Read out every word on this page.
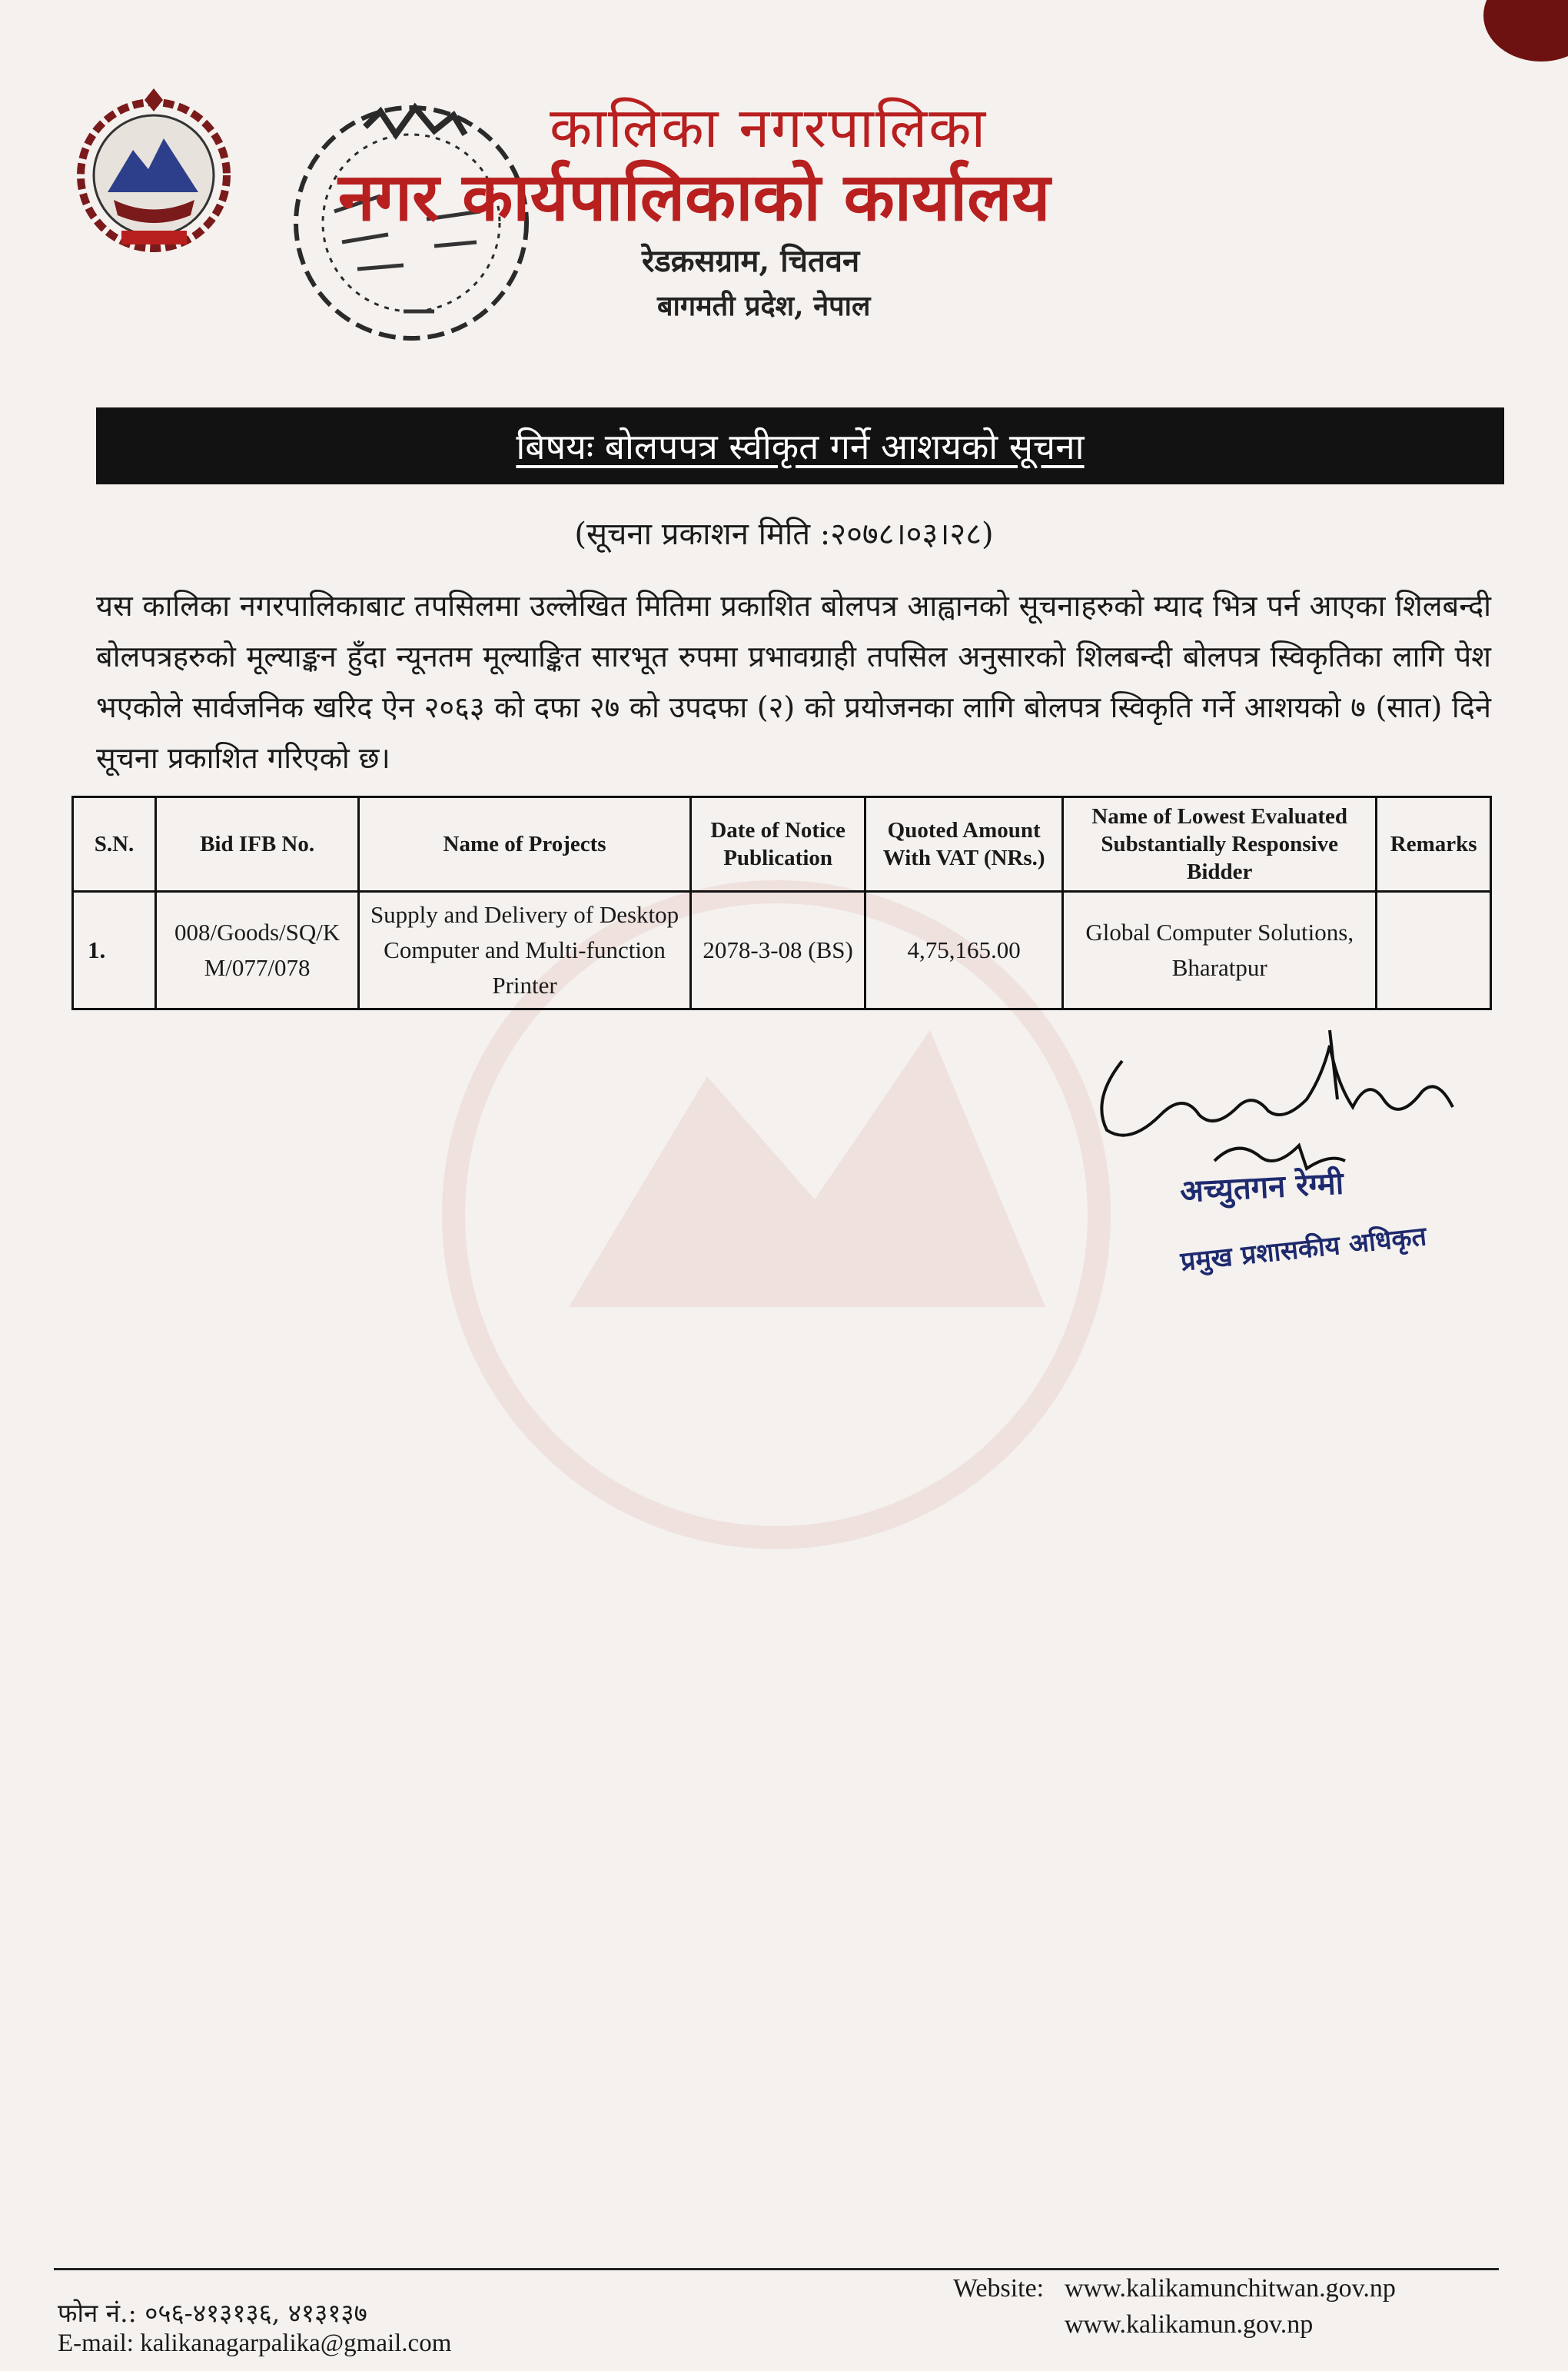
कालिका नगरपालिका
नगर कार्यपालिकाको कार्यालय
रेडक्रसग्राम, चितवन
बागमती प्रदेश, नेपाल
बिषयः बोलपपत्र स्वीकृत गर्ने आशयको सूचना
(सूचना प्रकाशन मिति :२०७८।०३।२८)
यस कालिका नगरपालिकाबाट तपसिलमा उल्लेखित मितिमा प्रकाशित बोलपत्र आह्वानको सूचनाहरुको म्याद भित्र पर्न आएका शिलबन्दी बोलपत्रहरुको मूल्याङ्कन हुँदा न्यूनतम मूल्याङ्कित सारभूत रुपमा प्रभावग्राही तपसिल अनुसारको शिलबन्दी बोलपत्र स्विकृतिका लागि पेश भएकोले सार्वजनिक खरिद ऐन २०६३ को दफा २७ को उपदफा (२) को प्रयोजनका लागि बोलपत्र स्विकृति गर्ने आशयको ७ (सात) दिने सूचना प्रकाशित गरिएको छ।
S.N.	Bid IFB No.	Name of Projects	Date of Notice Publication	Quoted Amount With VAT (NRs.)	Name of Lowest Evaluated Substantially Responsive Bidder	Remarks
1.	008/Goods/SQ/KM/077/078	Supply and Delivery of Desktop Computer and Multi-function Printer	2078-3-08 (BS)	4,75,165.00	Global Computer Solutions, Bharatpur	
अच्युतगन रेग्मी
प्रमुख प्रशासकीय अधिकृत
फोन नं.: ०५६-४१३१३६, ४१३१३७
E-mail: kalikanagarpalika@gmail.com
Website: www.kalikamunchitwan.gov.np
www.kalikamun.gov.np
